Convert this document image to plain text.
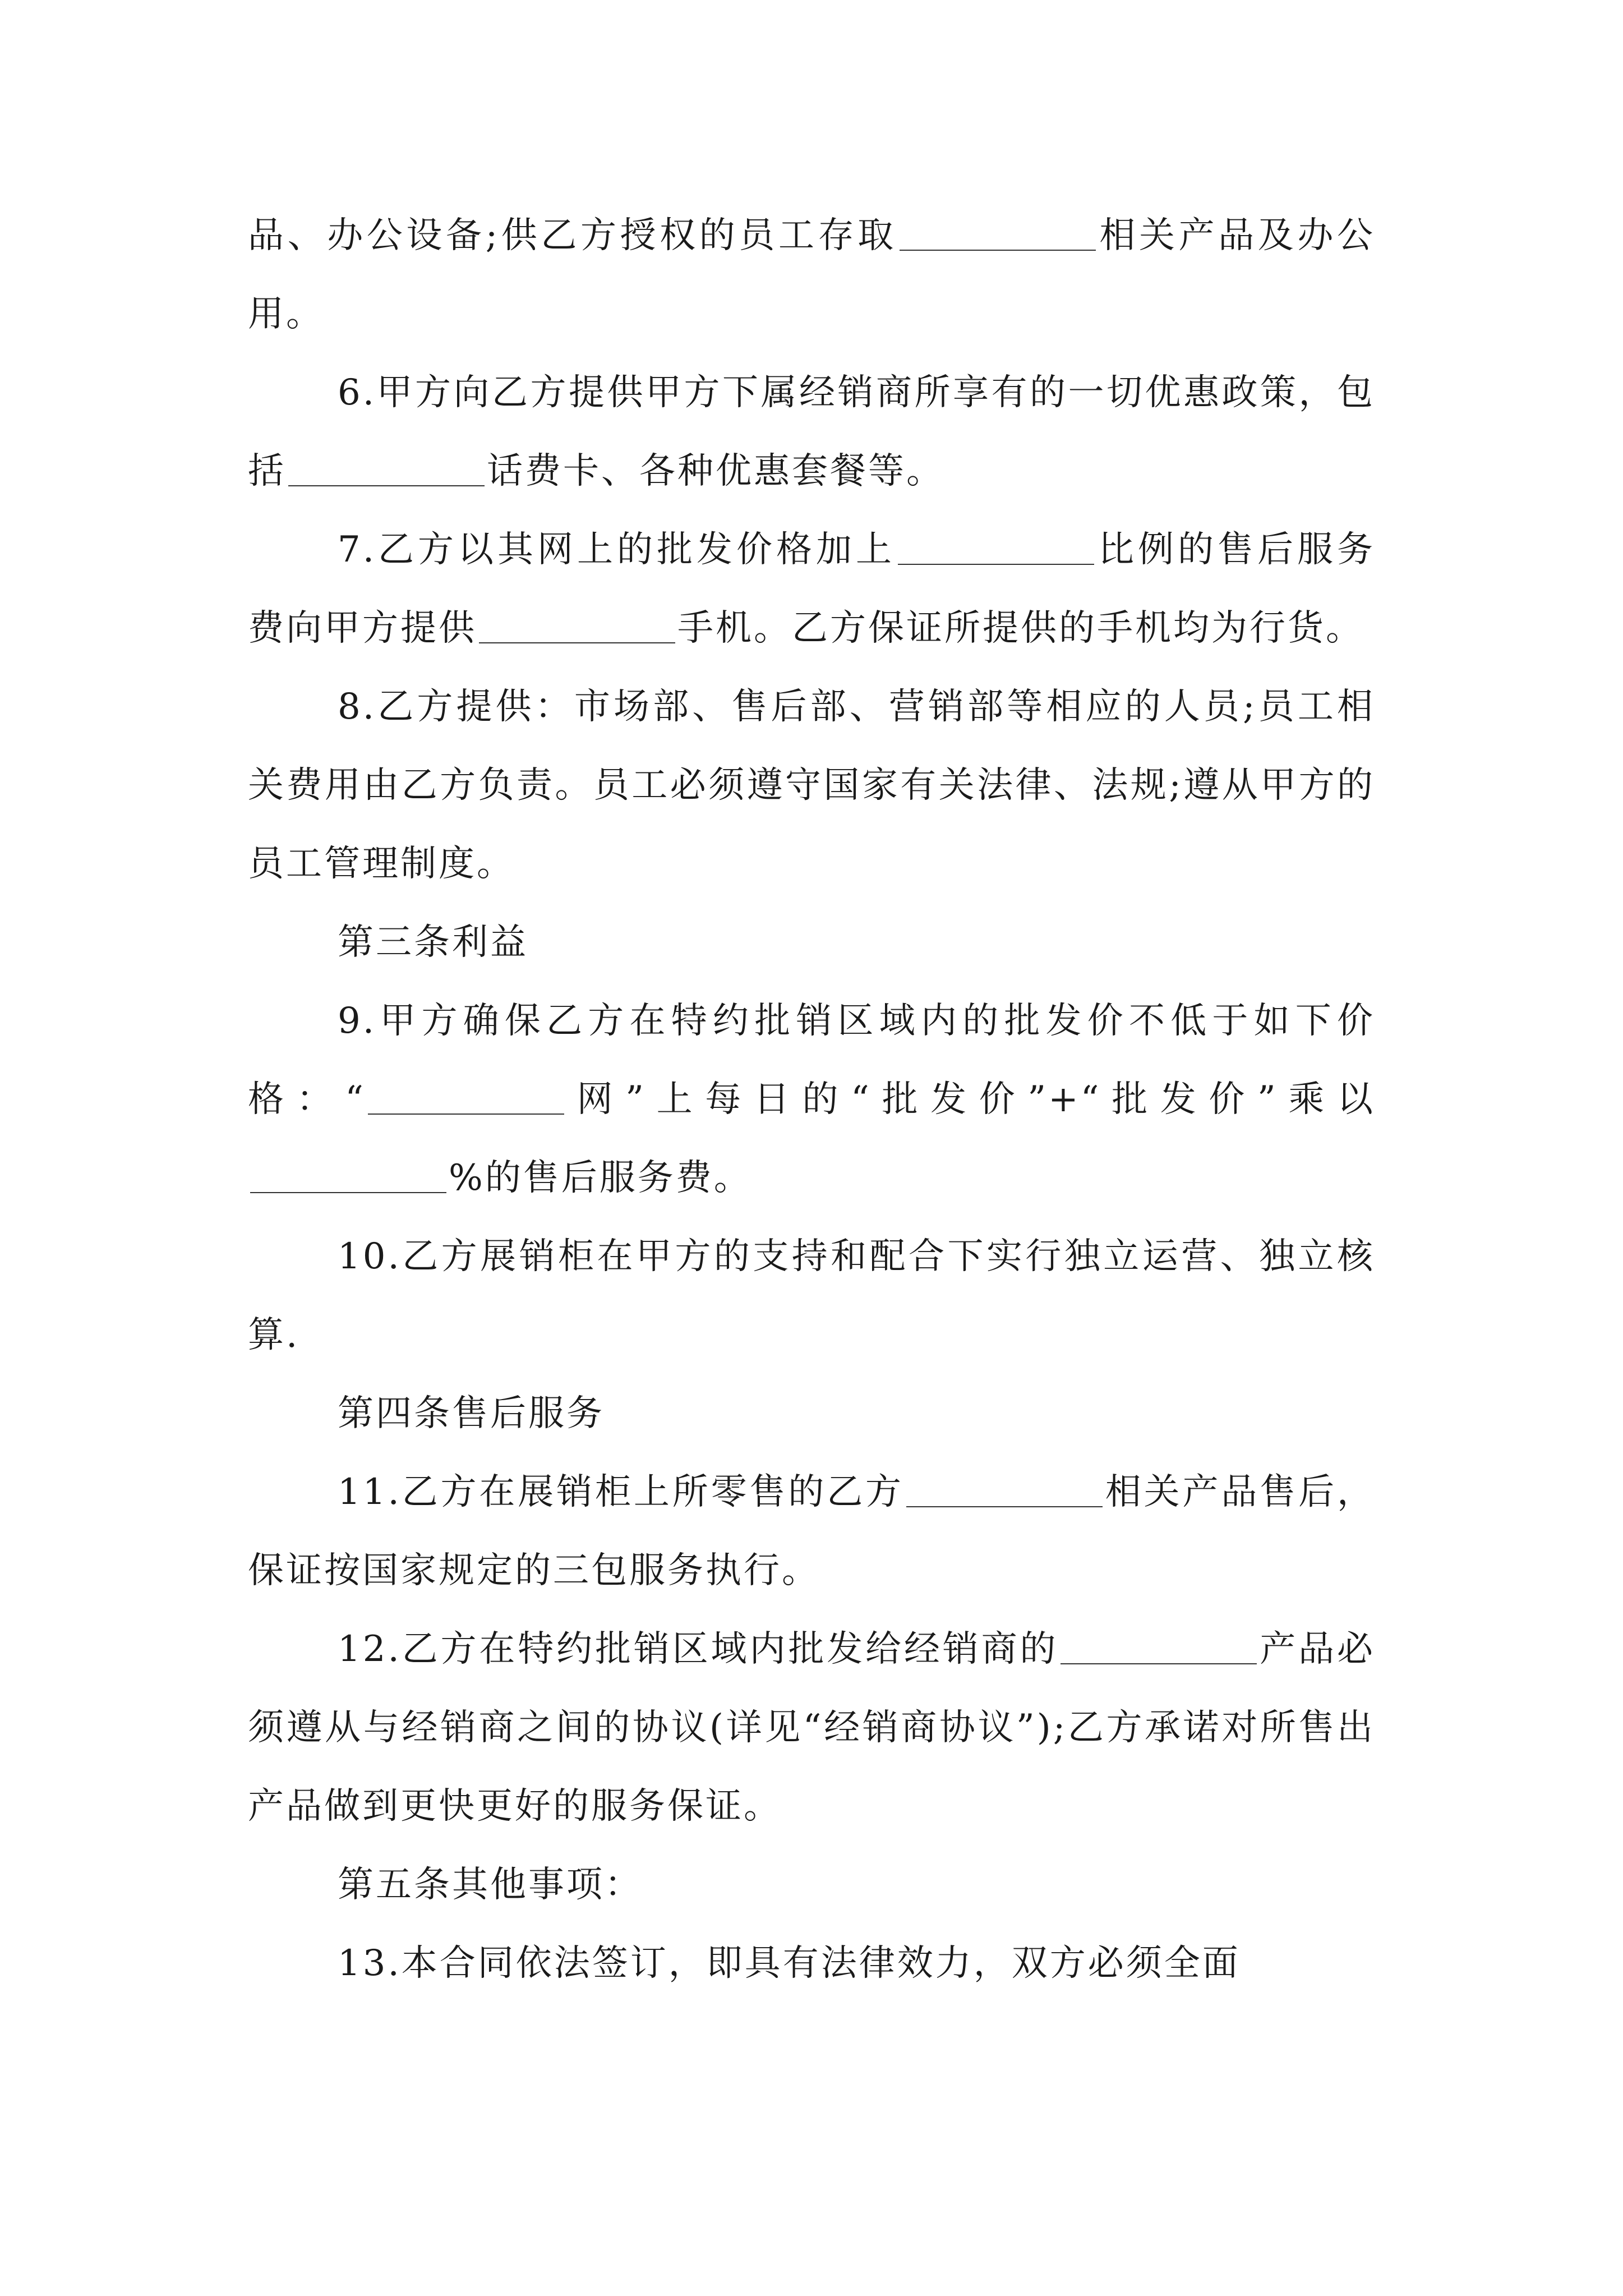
品、办公设备;供乙方授权的员工存取	相关产品及办公用。

6.甲方向乙方提供甲方下属经销商所享有的一切优惠政策，包括	话费卡、各种优惠套餐等。

7.乙方以其网上的批发价格加上	比例的售后服务费向甲方提供	手机。乙方保证所提供的手机均为行货。

8.乙方提供：市场部、售后部、营销部等相应的人员;员工相关费用由乙方负责。员工必须遵守国家有关法律、法规;遵从甲方的员工管理制度。

第三条利益

9.甲方确保乙方在特约批销区域内的批发价不低于如下价格：“	网”上每日的“批发价”+“批发价”乘以%的售后服务费。

10.乙方展销柜在甲方的支持和配合下实行独立运营、独立核算.

第四条售后服务

11.乙方在展销柜上所零售的乙方	相关产品售后，保证按国家规定的三包服务执行。

12.乙方在特约批销区域内批发给经销商的	产品必须遵从与经销商之间的协议(详见“经销商协议”);乙方承诺对所售出产品做到更快更好的服务保证。

第五条其他事项：

13.本合同依法签订，即具有法律效力，双方必须全面
